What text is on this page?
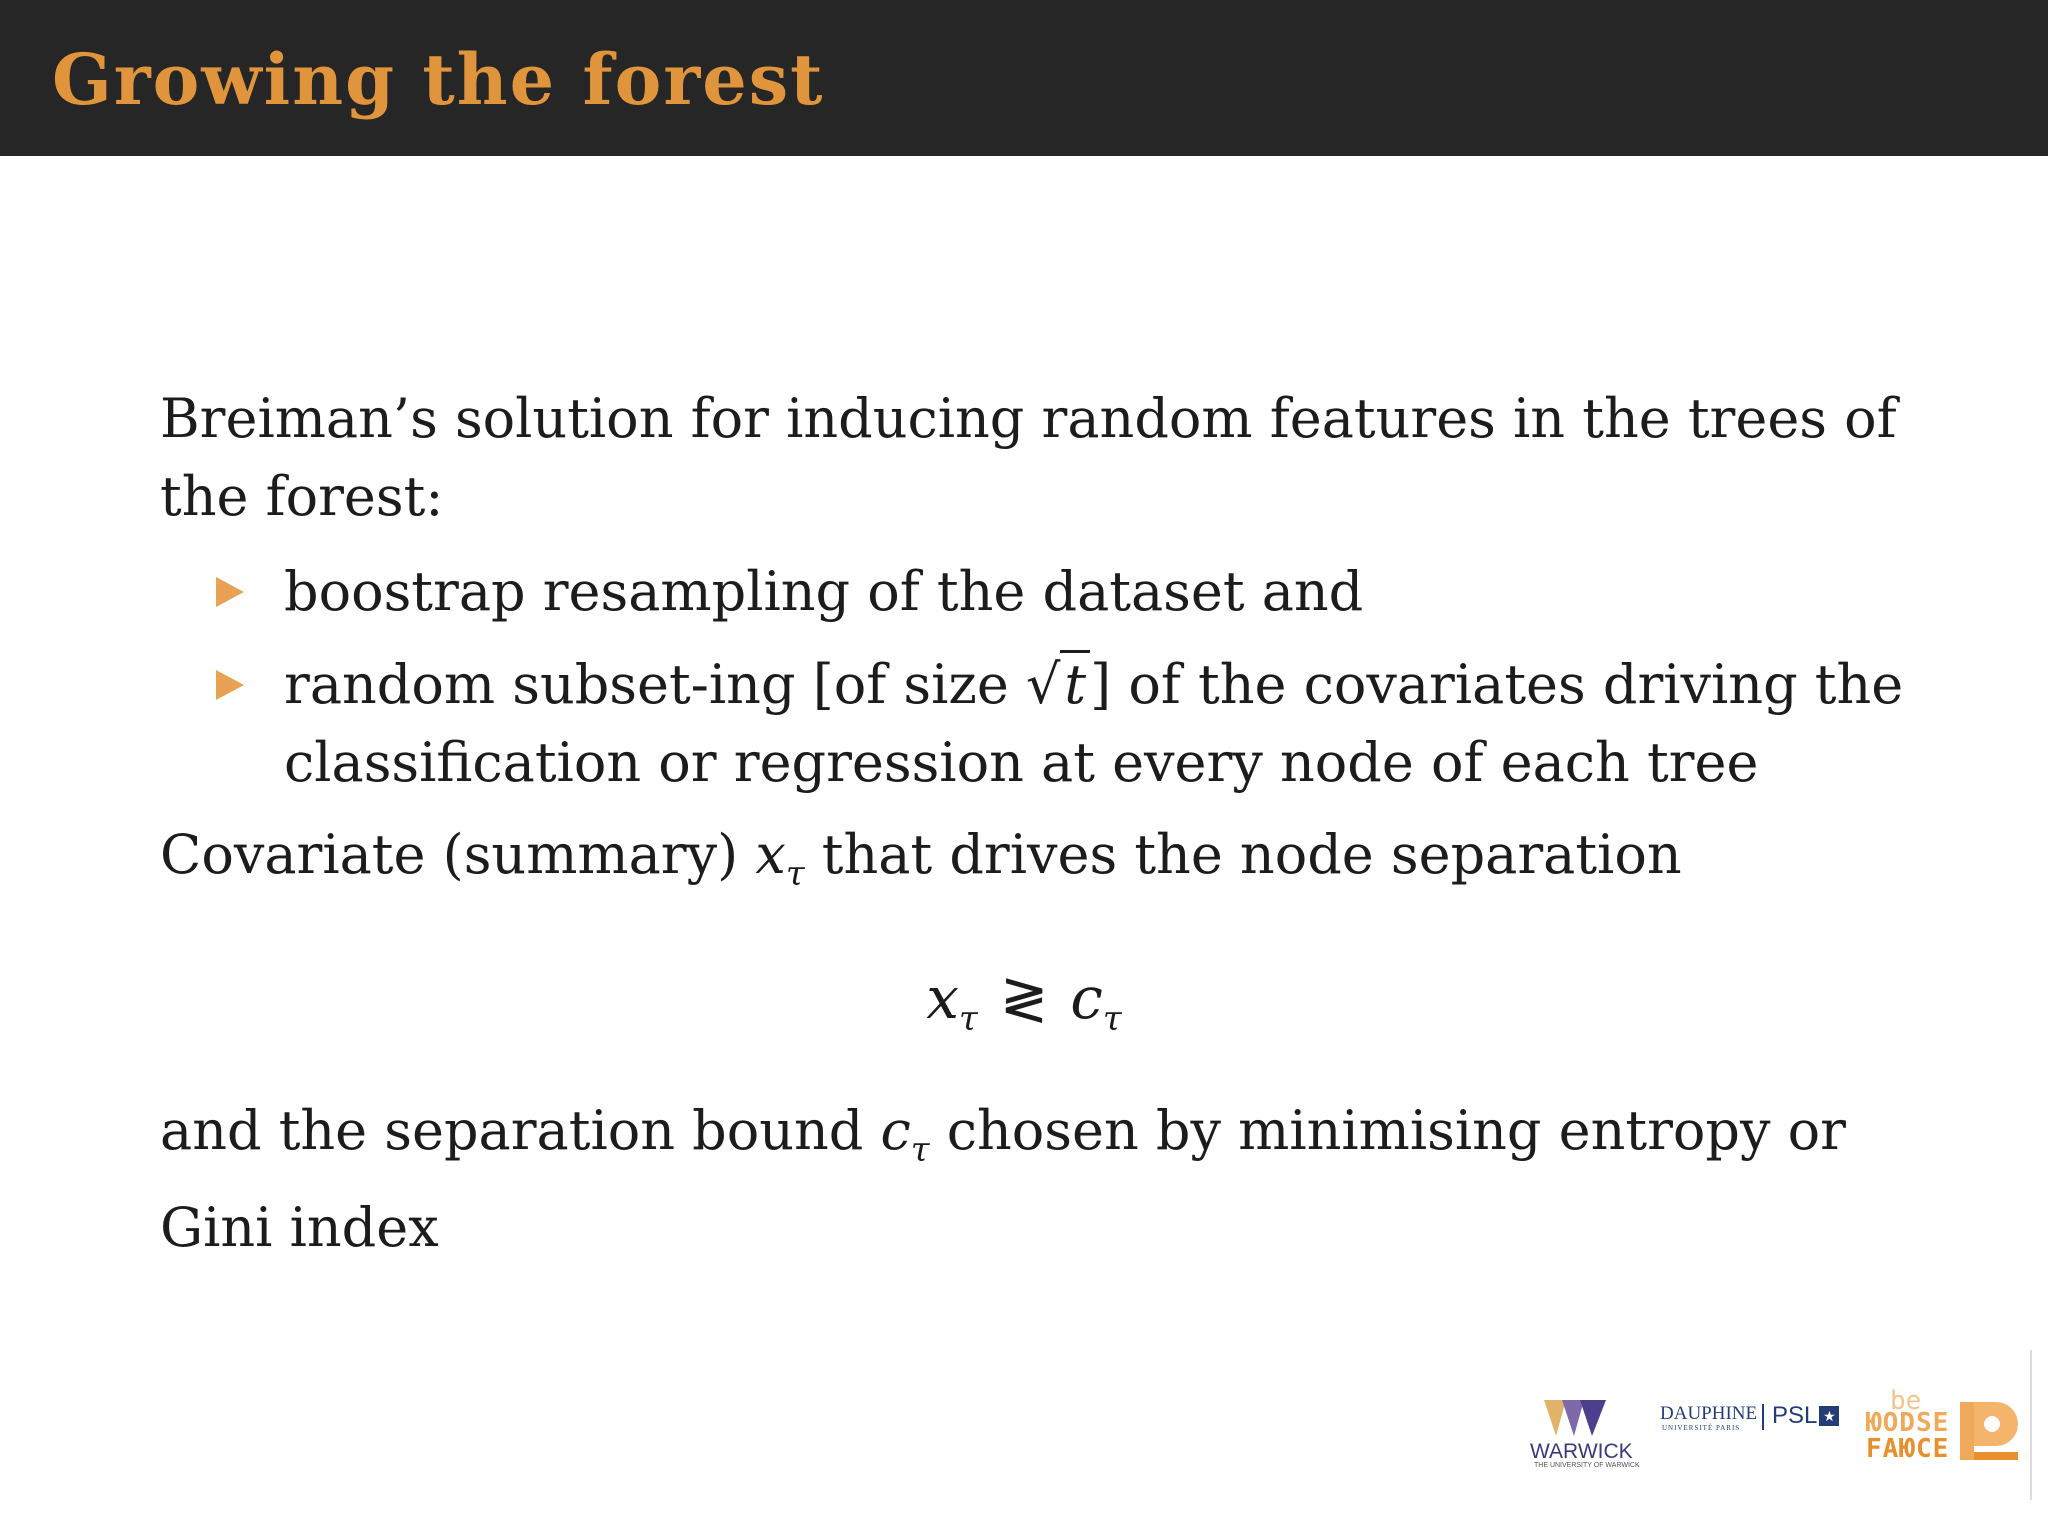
Growing the forest
Breiman’s solution for inducing random features in the trees of
the forest:
boostrap resampling of the dataset and
random subset-ing [of size √t] of the covariates driving the
classification or regression at every node of each tree
Covariate (summary) $x_\tau$ that drives the node separation
$x_\tau$ ≷ $c_\tau$
and the separation bound $c_\tau$ chosen by minimising entropy or
Gini index
WARWICK
THE UNIVERSITY OF WARWICK
DAUPHINE
UNIVERSITÉ PARIS PSL ★ be
ЮОDSE
FAЮCE
